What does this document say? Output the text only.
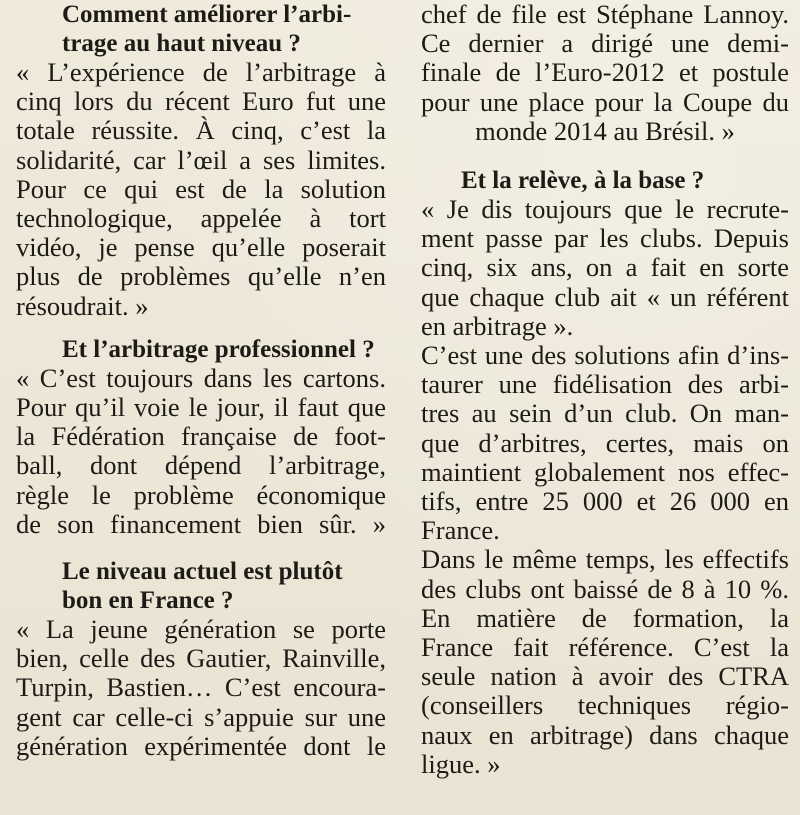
Comment améliorer l’arbi-
trage au haut niveau ?
« L’expérience de l’arbitrage à
cinq lors du récent Euro fut une
totale réussite. À cinq, c’est la
solidarité, car l’œil a ses limites.
Pour ce qui est de la solution
technologique, appelée à tort
vidéo, je pense qu’elle poserait
plus de problèmes qu’elle n’en
résoudrait. »
Et l’arbitrage professionnel ?
« C’est toujours dans les cartons.
Pour qu’il voie le jour, il faut que
la Fédération française de foot-
ball, dont dépend l’arbitrage,
règle le problème économique
de son financement bien sûr. »
Le niveau actuel est plutôt
bon en France ?
« La jeune génération se porte
bien, celle des Gautier, Rainville,
Turpin, Bastien… C’est encoura-
gent car celle-ci s’appuie sur une
génération expérimentée dont le
chef de file est Stéphane Lannoy.
Ce dernier a dirigé une demi-
finale de l’Euro-2012 et postule
pour une place pour la Coupe du
monde 2014 au Brésil. »
Et la relève, à la base ?
« Je dis toujours que le recrute-
ment passe par les clubs. Depuis
cinq, six ans, on a fait en sorte
que chaque club ait « un référent
en arbitrage ».
C’est une des solutions afin d’ins-
taurer une fidélisation des arbi-
tres au sein d’un club. On man-
que d’arbitres, certes, mais on
maintient globalement nos effec-
tifs, entre 25 000 et 26 000 en
France.
Dans le même temps, les effectifs
des clubs ont baissé de 8 à 10 %.
En matière de formation, la
France fait référence. C’est la
seule nation à avoir des CTRA
(conseillers techniques régio-
naux en arbitrage) dans chaque
ligue. »
